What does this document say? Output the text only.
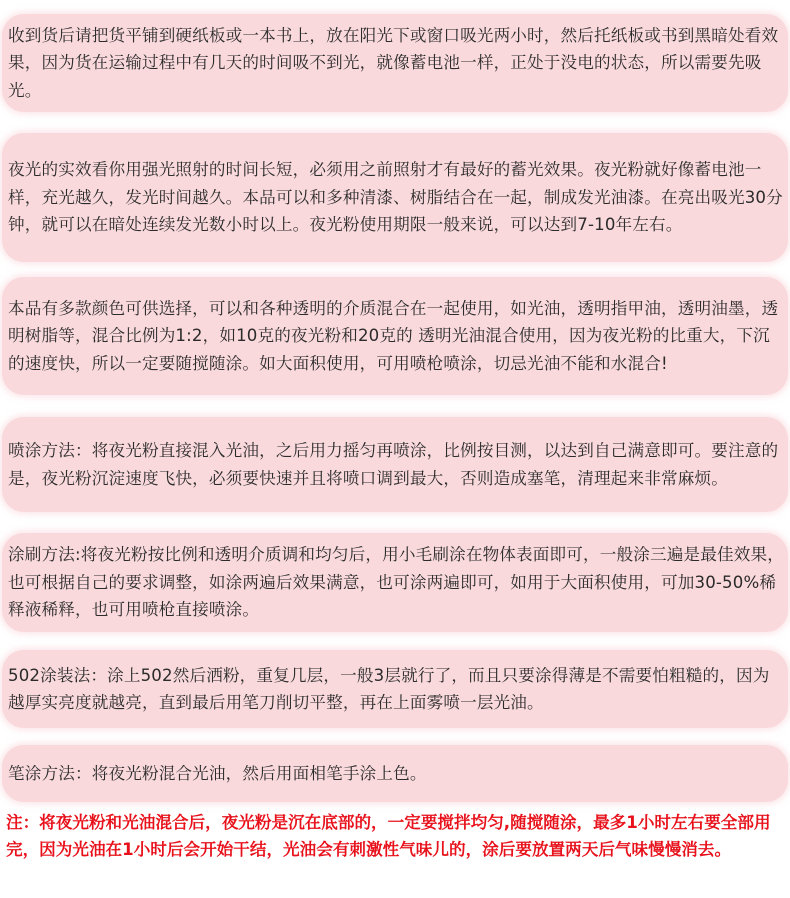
收到货后请把货平铺到硬纸板或一本书上，放在阳光下或窗口吸光两小时，然后托纸板或书到黑暗处看效果，因为货在运输过程中有几天的时间吸不到光，就像蓄电池一样，正处于没电的状态，所以需要先吸光。

夜光的实效看你用强光照射的时间长短，必须用之前照射才有最好的蓄光效果。夜光粉就好像蓄电池一样，充光越久，发光时间越久。本品可以和多种清漆、树脂结合在一起，制成发光油漆。在亮出吸光30分钟，就可以在暗处连续发光数小时以上。夜光粉使用期限一般来说，可以达到7-10年左右。

本品有多款颜色可供选择，可以和各种透明的介质混合在一起使用，如光油，透明指甲油，透明油墨，透明树脂等，混合比例为1:2，如10克的夜光粉和20克的 透明光油混合使用，因为夜光粉的比重大，下沉的速度快，所以一定要随搅随涂。如大面积使用，可用喷枪喷涂，切忌光油不能和水混合!

喷涂方法：将夜光粉直接混入光油，之后用力摇匀再喷涂，比例按目测，以达到自己满意即可。要注意的是，夜光粉沉淀速度飞快，必须要快速并且将喷口调到最大，否则造成塞笔，清理起来非常麻烦。

涂刷方法:将夜光粉按比例和透明介质调和均匀后，用小毛刷涂在物体表面即可，一般涂三遍是最佳效果，也可根据自己的要求调整，如涂两遍后效果满意，也可涂两遍即可，如用于大面积使用，可加30-50%稀释液稀释，也可用喷枪直接喷涂。

502涂装法：涂上502然后洒粉，重复几层，一般3层就行了，而且只要涂得薄是不需要怕粗糙的，因为越厚实亮度就越亮，直到最后用笔刀削切平整，再在上面雾喷一层光油。

笔涂方法：将夜光粉混合光油，然后用面相笔手涂上色。

注：将夜光粉和光油混合后，夜光粉是沉在底部的，一定要搅拌均匀,随搅随涂，最多1小时左右要全部用完，因为光油在1小时后会开始干结，光油会有刺激性气味儿的，涂后要放置两天后气味慢慢消去。
